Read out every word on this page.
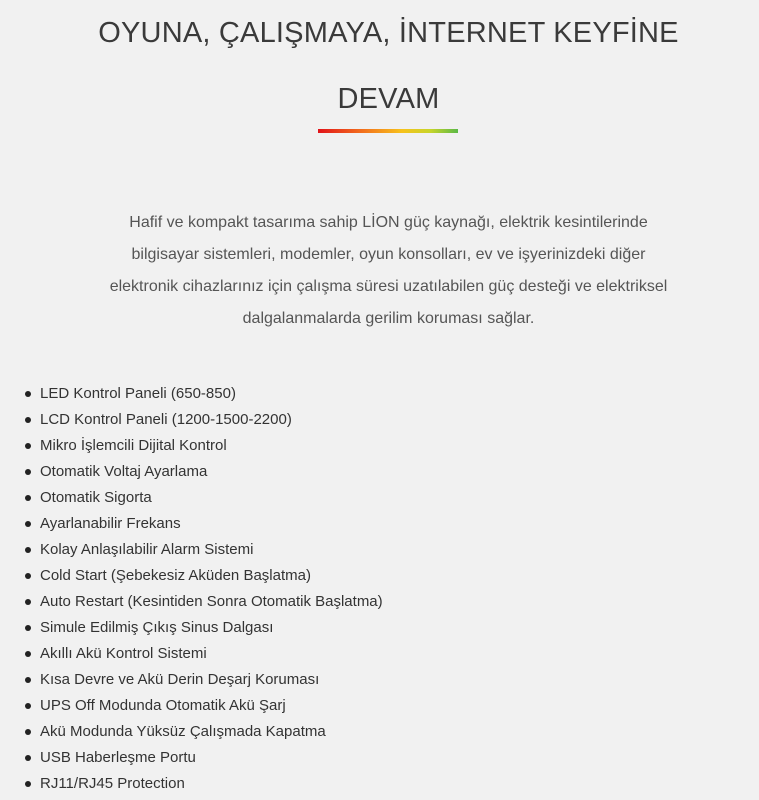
OYUNA, ÇALIŞMAYA, İNTERNET KEYFİNE
DEVAM

Hafif ve kompakt tasarıma sahip LİON güç kaynağı, elektrik kesintilerinde
bilgisayar sistemleri, modemler, oyun konsolları, ev ve işyerinizdeki diğer
elektronik cihazlarınız için çalışma süresi uzatılabilen güç desteği ve elektriksel
dalgalanmalarda gerilim koruması sağlar.

LED Kontrol Paneli (650-850)
LCD Kontrol Paneli (1200-1500-2200)
Mikro İşlemcili Dijital Kontrol
Otomatik Voltaj Ayarlama
Otomatik Sigorta
Ayarlanabilir Frekans
Kolay Anlaşılabilir Alarm Sistemi
Cold Start (Şebekesiz Aküden Başlatma)
Auto Restart (Kesintiden Sonra Otomatik Başlatma)
Simule Edilmiş Çıkış Sinus Dalgası
Akıllı Akü Kontrol Sistemi
Kısa Devre ve Akü Derin Deşarj Koruması
UPS Off Modunda Otomatik Akü Şarj
Akü Modunda Yüksüz Çalışmada Kapatma
USB Haberleşme Portu
RJ11/RJ45 Protection
